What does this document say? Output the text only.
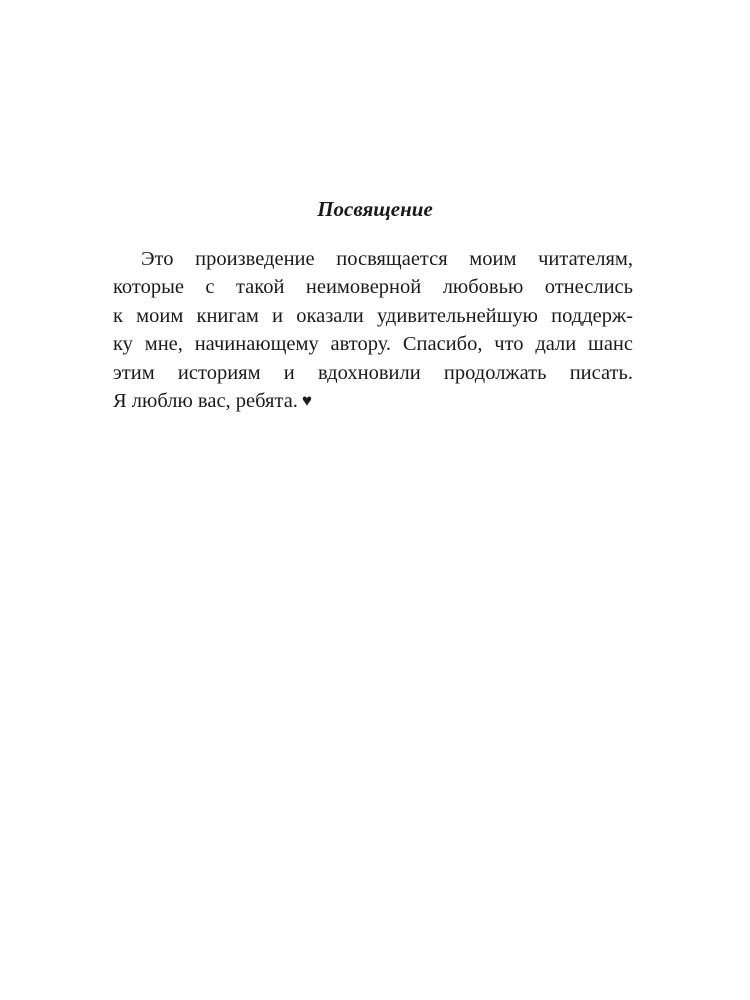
Посвящение
Это произведение посвящается моим читателям,
которые с такой неимоверной любовью отнеслись
к моим книгам и оказали удивительнейшую поддерж-
ку мне, начинающему автору. Спасибо, что дали шанс
этим историям и вдохновили продолжать писать.
Я люблю вас, ребята. ♥
